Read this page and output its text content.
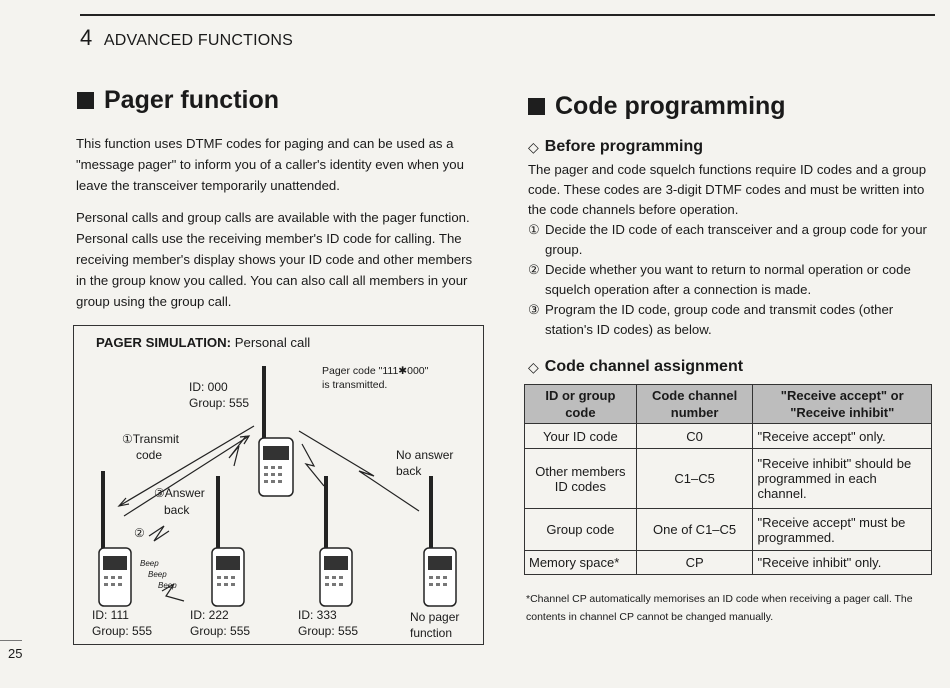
4 ADVANCED FUNCTIONS
Pager function

This function uses DTMF codes for paging and can be used as a "message pager" to inform you of a caller's identity even when you leave the transceiver temporarily unattended.

Personal calls and group calls are available with the pager function. Personal calls use the receiving member's ID code for calling. The receiving member's display shows your ID code and other members in the group know you called. You can also call all members in your group using the group call.

PAGER SIMULATION: Personal call
ID: 000
Group: 555
Pager code "111✱000"
is transmitted.
①Transmit
code
③Answer
back
②
No answer
back
Beep
Beep
Beep
ID: 111
Group: 555
ID: 222
Group: 555
ID: 333
Group: 555
No pager
function
Code programming
◇ Before programming

The pager and code squelch functions require ID codes and a group code. These codes are 3-digit DTMF codes and must be written into the code channels before operation.

① Decide the ID code of each transceiver and a group code for your group.
② Decide whether you want to return to normal operation or code squelch operation after a connection is made.
③ Program the ID code, group code and transmit codes (other station's ID codes) as below.
◇ Code channel assignment
ID or group code	Code channel number	"Receive accept" or "Receive inhibit"
Your ID code	C0	"Receive accept" only.
Other members ID codes	C1–C5	"Receive inhibit" should be programmed in each channel.
Group code	One of C1–C5	"Receive accept" must be programmed.
Memory space*	CP	"Receive inhibit" only.

*Channel CP automatically memorises an ID code when receiving a pager call. The contents in channel CP cannot be changed manually.

25
